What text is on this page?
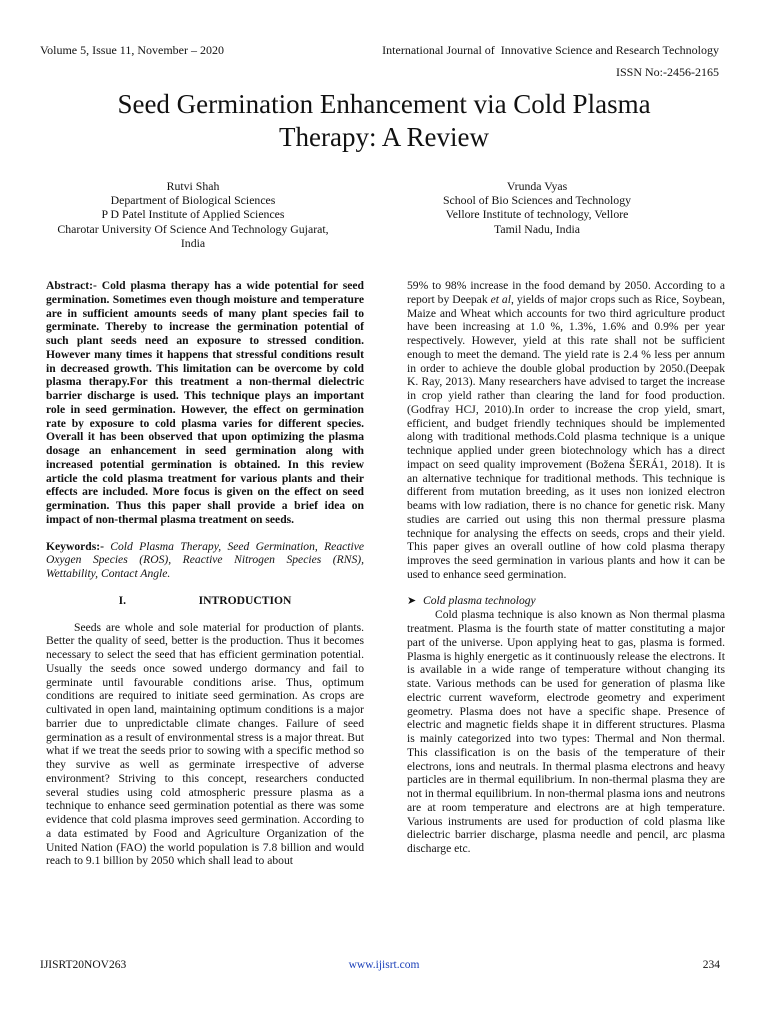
Volume 5, Issue 11, November – 2020	International Journal of  Innovative Science and Research Technology
ISSN No:-2456-2165
Seed Germination Enhancement via Cold Plasma
Therapy: A Review
Rutvi Shah
Department of Biological Sciences
P D Patel Institute of Applied Sciences
Charotar University Of Science And Technology Gujarat,
India
Vrunda Vyas
School of Bio Sciences and Technology
Vellore Institute of technology, Vellore
Tamil Nadu, India

Abstract:- Cold plasma therapy has a wide potential for seed germination. Sometimes even though moisture and temperature are in sufficient amounts seeds of many plant species fail to germinate. Thereby to increase the germination potential of such plant seeds need an exposure to stressed condition. However many times it happens that stressful conditions result in decreased growth. This limitation can be overcome by cold plasma therapy.For this treatment a non-thermal dielectric barrier discharge is used. This technique plays an important role in seed germination. However, the effect on germination rate by exposure to cold plasma varies for different species. Overall it has been observed that upon optimizing the plasma dosage an enhancement in seed germination along with increased potential germination is obtained. In this review article the cold plasma treatment for various plants and their effects are included. More focus is given on the effect on seed germination. Thus this paper shall provide a brief idea on impact of non-thermal plasma treatment on seeds.

Keywords:- Cold Plasma Therapy, Seed Germination, Reactive Oxygen Species (ROS), Reactive Nitrogen Species (RNS), Wettability, Contact Angle.

I.	INTRODUCTION

Seeds are whole and sole material for production of plants. Better the quality of seed, better is the production. Thus it becomes necessary to select the seed that has efficient germination potential. Usually the seeds once sowed undergo dormancy and fail to germinate until favourable conditions arise. Thus, optimum conditions are required to initiate seed germination. As crops are cultivated in open land, maintaining optimum conditions is a major barrier due to unpredictable climate changes. Failure of seed germination as a result of environmental stress is a major threat. But what if we treat the seeds prior to sowing with a specific method so they survive as well as germinate irrespective of adverse environment? Striving to this concept, researchers conducted several studies using cold atmospheric pressure plasma as a technique to enhance seed germination potential as there was some evidence that cold plasma improves seed germination. According to a data estimated by Food and Agriculture Organization of the United Nation (FAO) the world population is 7.8 billion and would reach to 9.1 billion by 2050 which shall lead to about

59% to 98% increase in the food demand by 2050. According to a report by Deepak et al, yields of major crops such as Rice, Soybean, Maize and Wheat which accounts for two third agriculture product have been increasing at 1.0 %, 1.3%, 1.6% and 0.9% per year respectively. However, yield at this rate shall not be sufficient enough to meet the demand. The yield rate is 2.4 % less per annum in order to achieve the double global production by 2050.(Deepak K. Ray, 2013). Many researchers have advised to target the increase in crop yield rather than clearing the land for food production.(Godfray HCJ, 2010).In order to increase the crop yield, smart, efficient, and budget friendly techniques should be implemented along with traditional methods.Cold plasma technique is a unique technique applied under green biotechnology which has a direct impact on seed quality improvement (Božena ŠERÁ1, 2018). It is an alternative technique for traditional methods. This technique is different from mutation breeding, as it uses non ionized electron beams with low radiation, there is no chance for genetic risk. Many studies are carried out using this non thermal pressure plasma technique for analysing the effects on seeds, crops and their yield. This paper gives an overall outline of how cold plasma therapy improves the seed germination in various plants and how it can be used to enhance seed germination.

➤ Cold plasma technology

Cold plasma technique is also known as Non thermal plasma treatment. Plasma is the fourth state of matter constituting a major part of the universe. Upon applying heat to gas, plasma is formed. Plasma is highly energetic as it continuously release the electrons. It is available in a wide range of temperature without changing its state. Various methods can be used for generation of plasma like electric current waveform, electrode geometry and experiment geometry. Plasma does not have a specific shape. Presence of electric and magnetic fields shape it in different structures. Plasma is mainly categorized into two types: Thermal and Non thermal. This classification is on the basis of the temperature of their electrons, ions and neutrals. In thermal plasma electrons and heavy particles are in thermal equilibrium. In non-thermal plasma they are not in thermal equilibrium. In non-thermal plasma ions and neutrons are at room temperature and electrons are at high temperature. Various instruments are used for production of cold plasma like dielectric barrier discharge, plasma needle and pencil, arc plasma discharge etc.

IJISRT20NOV263	www.ijisrt.com	234
